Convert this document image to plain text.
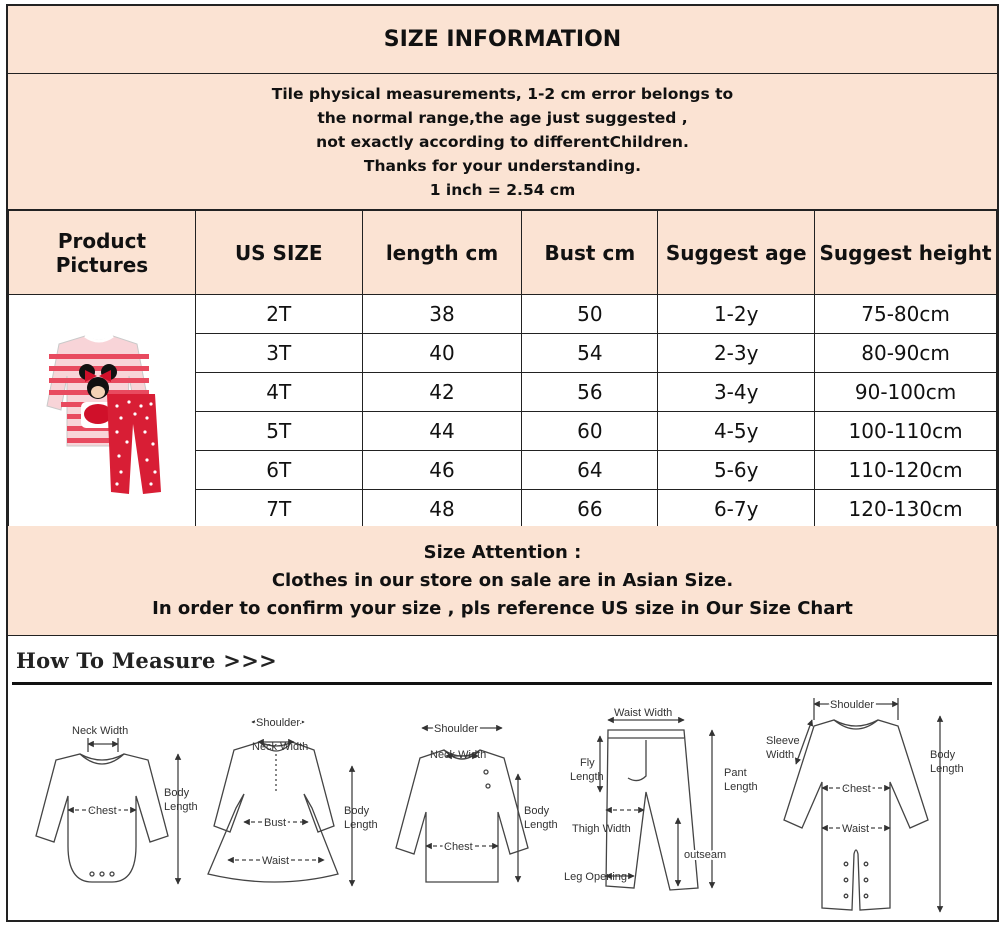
SIZE INFORMATION
Tile physical measurements, 1-2 cm error belongs to
the normal range,the age just suggested ,
not exactly according to differentChildren.
Thanks for your understanding.
1 inch = 2.54 cm
Product Pictures	US SIZE	length cm	Bust cm	Suggest age	Suggest height
	2T	38	50	1-2y	75-80cm
	3T	40	54	2-3y	80-90cm
	4T	42	56	3-4y	90-100cm
	5T	44	60	4-5y	100-110cm
	6T	46	64	5-6y	110-120cm
	7T	48	66	6-7y	120-130cm
Size Attention :
Clothes in our store on sale are in Asian Size.
In order to confirm your size , pls reference US size in Our Size Chart
How To Measure >>>
Neck Width
Chest
Body
Length
Shoulder
Neck Width
Bust
Waist
Body
Length
Shoulder
Neck Width
Chest
Body
Length
Waist Width
Fly
Length	Pant
Length
Thigh Width
outseam
Leg Opening
Shoulder
Sleeve
Width
Chest
Waist
Body
Length
